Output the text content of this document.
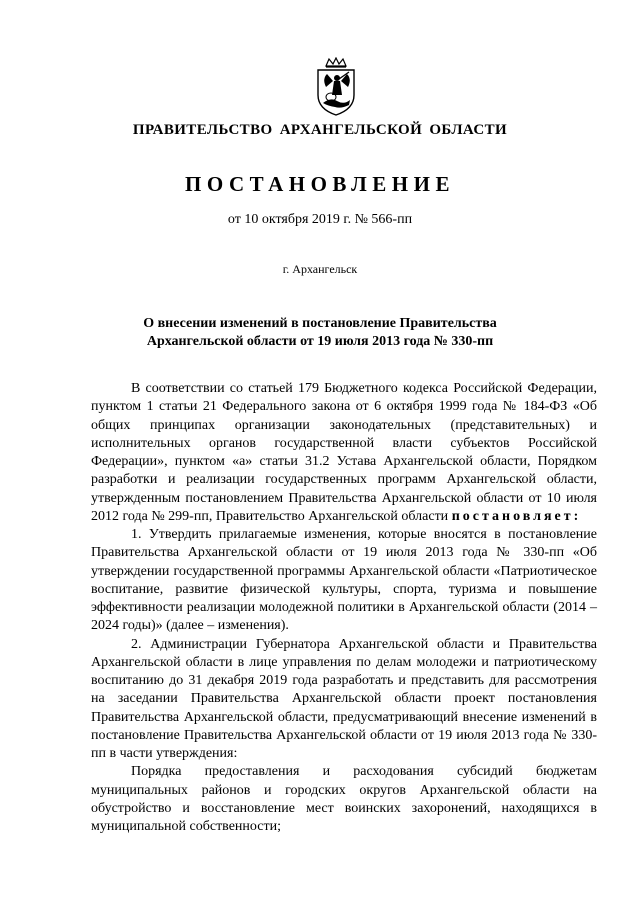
ПРАВИТЕЛЬСТВО АРХАНГЕЛЬСКОЙ ОБЛАСТИ
ПОСТАНОВЛЕНИЕ
от 10 октября 2019 г. № 566-пп
г. Архангельск
О внесении изменений в постановление Правительства
Архангельской области от 19 июля 2013 года № 330-пп

В соответствии со статьей 179 Бюджетного кодекса Российской Федерации, пунктом 1 статьи 21 Федерального закона от 6 октября 1999 года № 184-ФЗ «Об общих принципах организации законодательных (представительных) и исполнительных органов государственной власти субъектов Российской Федерации», пунктом «а» статьи 31.2 Устава Архангельской области, Порядком разработки и реализации государственных программ Архангельской области, утвержденным постановлением Правительства Архангельской области от 10 июля 2012 года № 299-пп, Правительство Архангельской области постановляет:

1. Утвердить прилагаемые изменения, которые вносятся в постановление Правительства Архангельской области от 19 июля 2013 года № 330-пп «Об утверждении государственной программы Архангельской области «Патриотическое воспитание, развитие физической культуры, спорта, туризма и повышение эффективности реализации молодежной политики в Архангельской области (2014 – 2024 годы)» (далее – изменения).

2. Администрации Губернатора Архангельской области и Правительства Архангельской области в лице управления по делам молодежи и патриотическому воспитанию до 31 декабря 2019 года разработать и представить для рассмотрения на заседании Правительства Архангельской области проект постановления Правительства Архангельской области, предусматривающий внесение изменений в постановление Правительства Архангельской области от 19 июля 2013 года № 330-пп в части утверждения:

Порядка предоставления и расходования субсидий бюджетам муниципальных районов и городских округов Архангельской области на обустройство и восстановление мест воинских захоронений, находящихся в муниципальной собственности;
